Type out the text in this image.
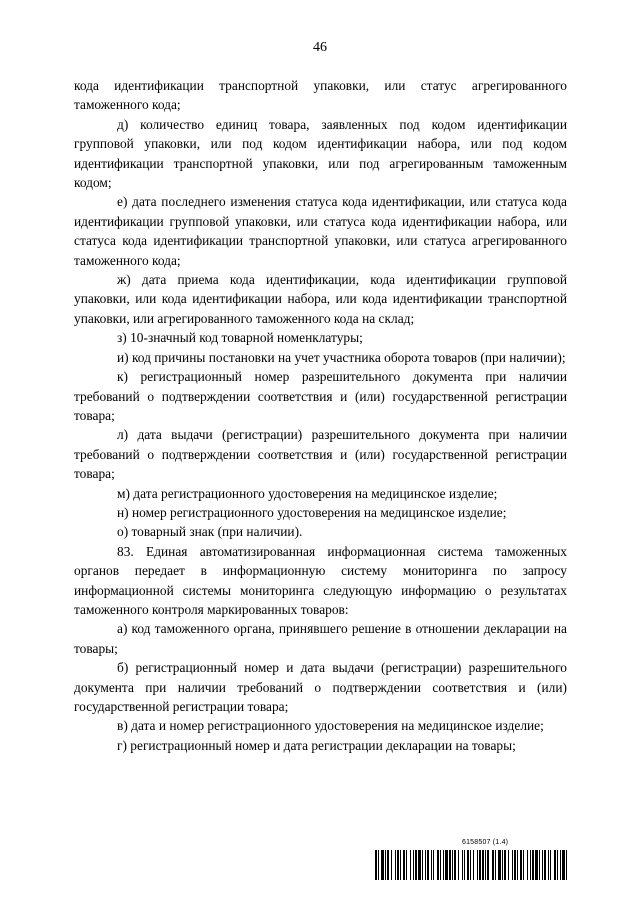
46

кода идентификации транспортной упаковки, или статус агрегированного таможенного кода;

д) количество единиц товара, заявленных под кодом идентификации групповой упаковки, или под кодом идентификации набора, или под кодом идентификации транспортной упаковки, или под агрегированным таможенным кодом;

е) дата последнего изменения статуса кода идентификации, или статуса кода идентификации групповой упаковки, или статуса кода идентификации набора, или статуса кода идентификации транспортной упаковки, или статуса агрегированного таможенного кода;

ж) дата приема кода идентификации, кода идентификации групповой упаковки, или кода идентификации набора, или кода идентификации транспортной упаковки, или агрегированного таможенного кода на склад;

з) 10-значный код товарной номенклатуры;

и) код причины постановки на учет участника оборота товаров (при наличии);

к) регистрационный номер разрешительного документа при наличии требований о подтверждении соответствия и (или) государственной регистрации товара;

л) дата выдачи (регистрации) разрешительного документа при наличии требований о подтверждении соответствия и (или) государственной регистрации товара;

м) дата регистрационного удостоверения на медицинское изделие;

н) номер регистрационного удостоверения на медицинское изделие;

о) товарный знак (при наличии).

83. Единая автоматизированная информационная система таможенных органов передает в информационную систему мониторинга по запросу информационной системы мониторинга следующую информацию о результатах таможенного контроля маркированных товаров:

а) код таможенного органа, принявшего решение в отношении декларации на товары;

б) регистрационный номер и дата выдачи (регистрации) разрешительного документа при наличии требований о подтверждении соответствия и (или) государственной регистрации товара;

в) дата и номер регистрационного удостоверения на медицинское изделие;

г) регистрационный номер и дата регистрации декларации на товары;

6158507 (1.4)
